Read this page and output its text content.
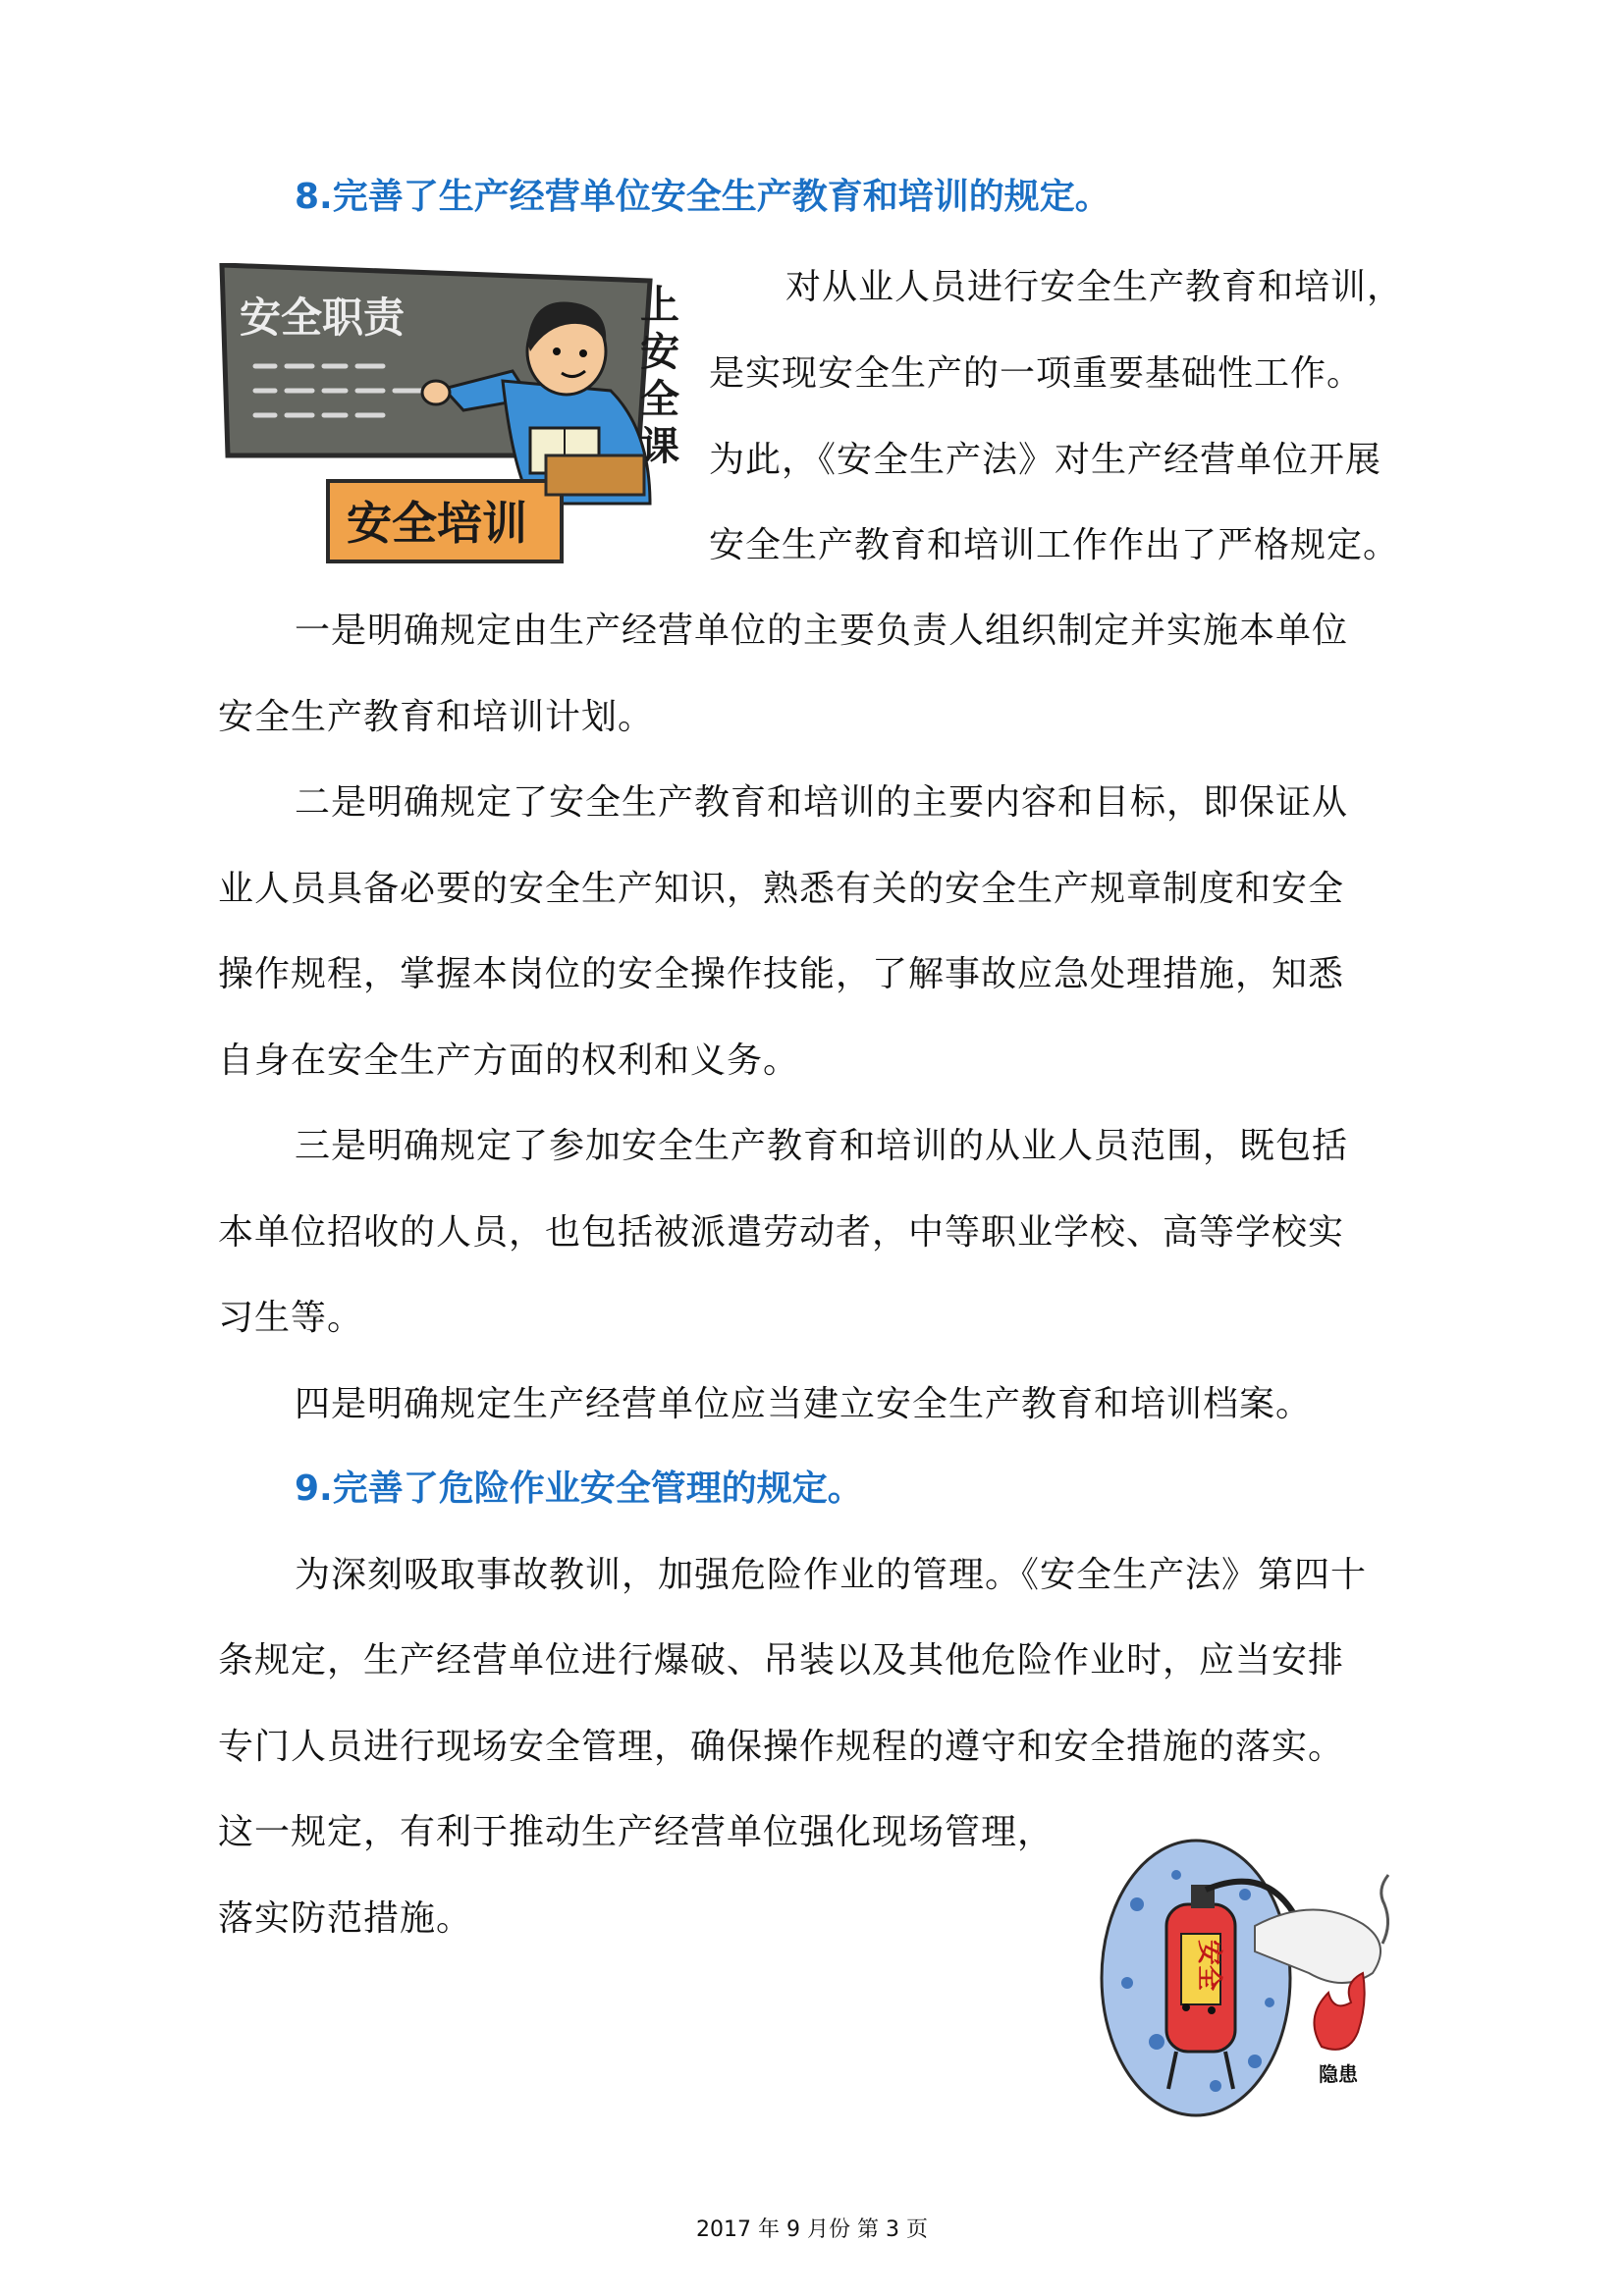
8.完善了生产经营单位安全生产教育和培训的规定。
安全职责
安全培训
上
安
全
课
对从业人员进行安全生产教育和培训，
是实现安全生产的一项重要基础性工作。
为此，《安全生产法》对生产经营单位开展
安全生产教育和培训工作作出了严格规定。
一是明确规定由生产经营单位的主要负责人组织制定并实施本单位
安全生产教育和培训计划。
二是明确规定了安全生产教育和培训的主要内容和目标，即保证从
业人员具备必要的安全生产知识，熟悉有关的安全生产规章制度和安全
操作规程，掌握本岗位的安全操作技能，了解事故应急处理措施，知悉
自身在安全生产方面的权利和义务。
三是明确规定了参加安全生产教育和培训的从业人员范围，既包括
本单位招收的人员，也包括被派遣劳动者，中等职业学校、高等学校实
习生等。
四是明确规定生产经营单位应当建立安全生产教育和培训档案。
9.完善了危险作业安全管理的规定。
为深刻吸取事故教训，加强危险作业的管理。《安全生产法》第四十
条规定，生产经营单位进行爆破、吊装以及其他危险作业时，应当安排
专门人员进行现场安全管理，确保操作规程的遵守和安全措施的落实。
这一规定，有利于推动生产经营单位强化现场管理，
落实防范措施。
安全
隐患
2017 年 9 月份 第 3 页
